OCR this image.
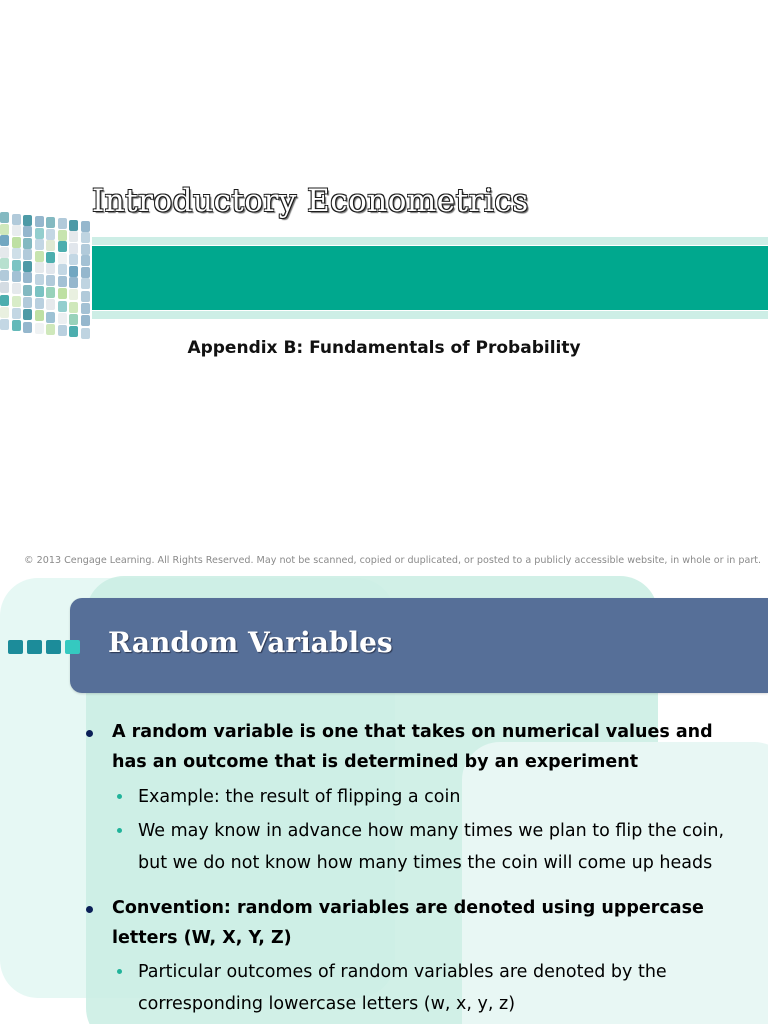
Introductory Econometrics
Appendix B: Fundamentals of Probability
© 2013 Cengage Learning. All Rights Reserved. May not be scanned, copied or duplicated, or posted to a publicly accessible website, in whole or in part.
Random Variables
A random variable is one that takes on numerical values and has an outcome that is determined by an experiment
Example: the result of flipping a coin
We may know in advance how many times we plan to flip the coin, but we do not know how many times the coin will come up heads
Convention: random variables are denoted using uppercase letters (W, X, Y, Z)
Particular outcomes of random variables are denoted by the corresponding lowercase letters (w, x, y, z)
